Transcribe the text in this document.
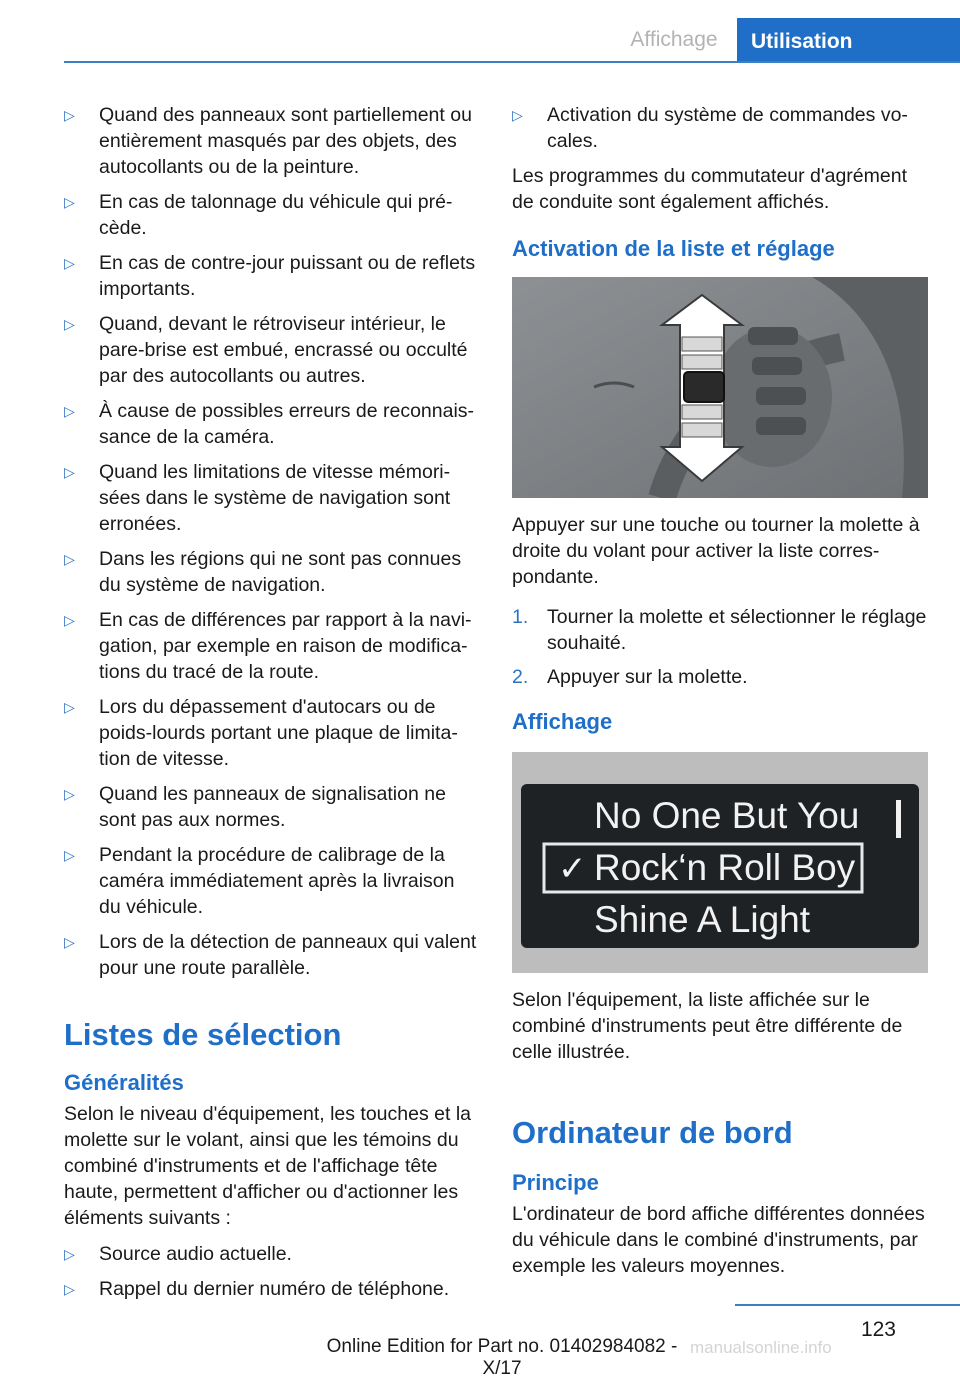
Affichage	Utilisation
▷	Quand des panneaux sont partiellement ou entièrement masqués par des objets, des autocollants ou de la peinture.
▷	En cas de talonnage du véhicule qui précède.
▷	En cas de contre-jour puissant ou de reflets importants.
▷	Quand, devant le rétroviseur intérieur, le pare-brise est embué, encrassé ou occulté par des autocollants ou autres.
▷	À cause de possibles erreurs de reconnaissance de la caméra.
▷	Quand les limitations de vitesse mémorisées dans le système de navigation sont erronées.
▷	Dans les régions qui ne sont pas connues du système de navigation.
▷	En cas de différences par rapport à la navigation, par exemple en raison de modifications du tracé de la route.
▷	Lors du dépassement d'autocars ou de poids-lourds portant une plaque de limitation de vitesse.
▷	Quand les panneaux de signalisation ne sont pas aux normes.
▷	Pendant la procédure de calibrage de la caméra immédiatement après la livraison du véhicule.
▷	Lors de la détection de panneaux qui valent pour une route parallèle.
Listes de sélection
Généralités

Selon le niveau d'équipement, les touches et la molette sur le volant, ainsi que les témoins du combiné d'instruments et de l'affichage tête haute, permettent d'afficher ou d'actionner les éléments suivants :

▷	Source audio actuelle.
▷	Rappel du dernier numéro de téléphone.
▷	Activation du système de commandes vocales.

Les programmes du commutateur d'agrément de conduite sont également affichés.

Activation de la liste et réglage

Appuyer sur une touche ou tourner la molette à droite du volant pour activer la liste correspondante.

1. Tourner la molette et sélectionner le réglage souhaité.
2. Appuyer sur la molette.
Affichage
No One But You
✓ Rock‘n Roll Boy
Shine A Light

Selon l'équipement, la liste affichée sur le combiné d'instruments peut être différente de celle illustrée.

Ordinateur de bord
Principe

L'ordinateur de bord affiche différentes données du véhicule dans le combiné d'instruments, par exemple les valeurs moyennes.

123
Online Edition for Part no. 01402984082 - X/17
manualsonline.info
